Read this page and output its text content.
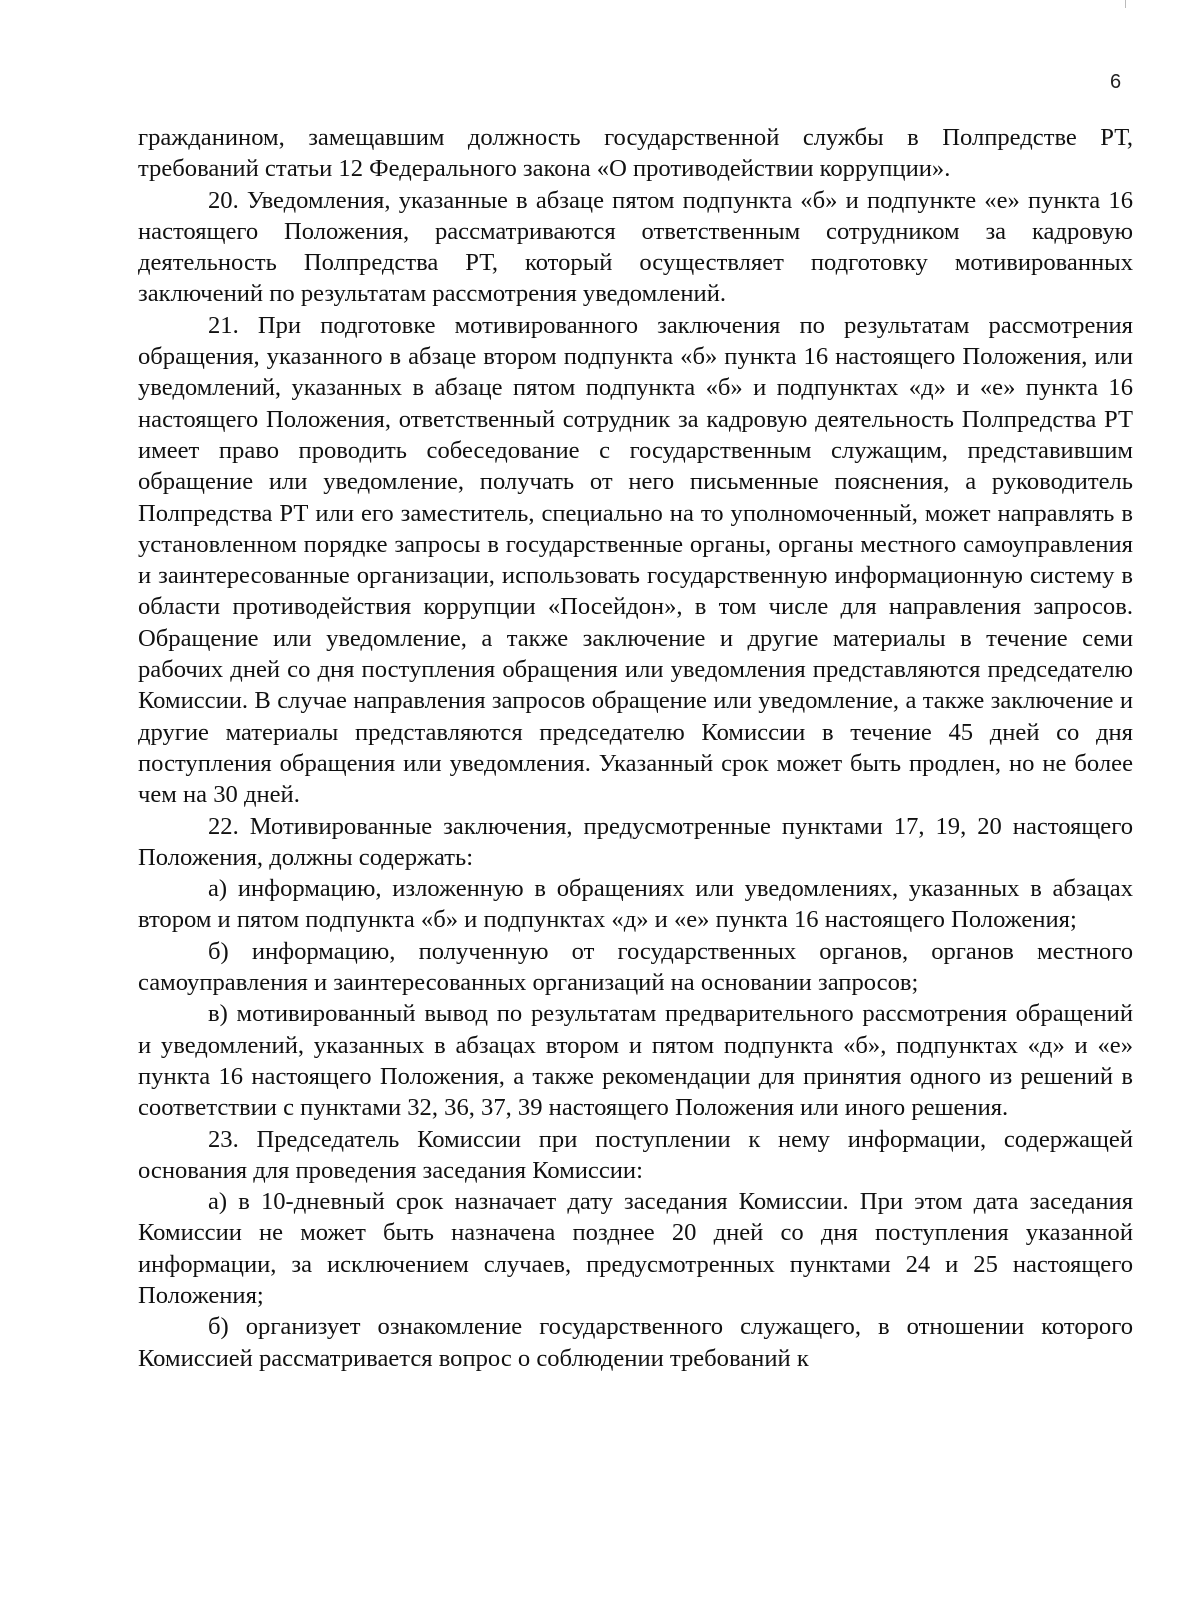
6

гражданином, замещавшим должность государственной службы в Полпредстве РТ, требований статьи 12 Федерального закона «О противодействии коррупции».

20. Уведомления, указанные в абзаце пятом подпункта «б» и подпункте «е» пункта 16 настоящего Положения, рассматриваются ответственным сотрудником за кадровую деятельность Полпредства РТ, который осуществляет подготовку мотивированных заключений по результатам рассмотрения уведомлений.

21. При подготовке мотивированного заключения по результатам рассмотрения обращения, указанного в абзаце втором подпункта «б» пункта 16 настоящего Положения, или уведомлений, указанных в абзаце пятом подпункта «б» и подпунктах «д» и «е» пункта 16 настоящего Положения, ответственный сотрудник за кадровую деятельность Полпредства РТ имеет право проводить собеседование с государственным служащим, представившим обращение или уведомление, получать от него письменные пояснения, а руководитель Полпредства РТ или его заместитель, специально на то уполномоченный, может направлять в установленном порядке запросы в государственные органы, органы местного самоуправления и заинтересованные организации, использовать государственную информационную систему в области противодействия коррупции «Посейдон», в том числе для направления запросов. Обращение или уведомление, а также заключение и другие материалы в течение семи рабочих дней со дня поступления обращения или уведомления представляются председателю Комиссии. В случае направления запросов обращение или уведомление, а также заключение и другие материалы представляются председателю Комиссии в течение 45 дней со дня поступления обращения или уведомления. Указанный срок может быть продлен, но не более чем на 30 дней.

22. Мотивированные заключения, предусмотренные пунктами 17, 19, 20 настоящего Положения, должны содержать:

а) информацию, изложенную в обращениях или уведомлениях, указанных в абзацах втором и пятом подпункта «б» и подпунктах «д» и «е» пункта 16 настоящего Положения;

б) информацию, полученную от государственных органов, органов местного самоуправления и заинтересованных организаций на основании запросов;

в) мотивированный вывод по результатам предварительного рассмотрения обращений и уведомлений, указанных в абзацах втором и пятом подпункта «б», подпунктах «д» и «е» пункта 16 настоящего Положения, а также рекомендации для принятия одного из решений в соответствии с пунктами 32, 36, 37, 39 настоящего Положения или иного решения.

23. Председатель Комиссии при поступлении к нему информации, содержащей основания для проведения заседания Комиссии:

а) в 10-дневный срок назначает дату заседания Комиссии. При этом дата заседания Комиссии не может быть назначена позднее 20 дней со дня поступления указанной информации, за исключением случаев, предусмотренных пунктами 24 и 25 настоящего Положения;

б) организует ознакомление государственного служащего, в отношении которого Комиссией рассматривается вопрос о соблюдении требований к
